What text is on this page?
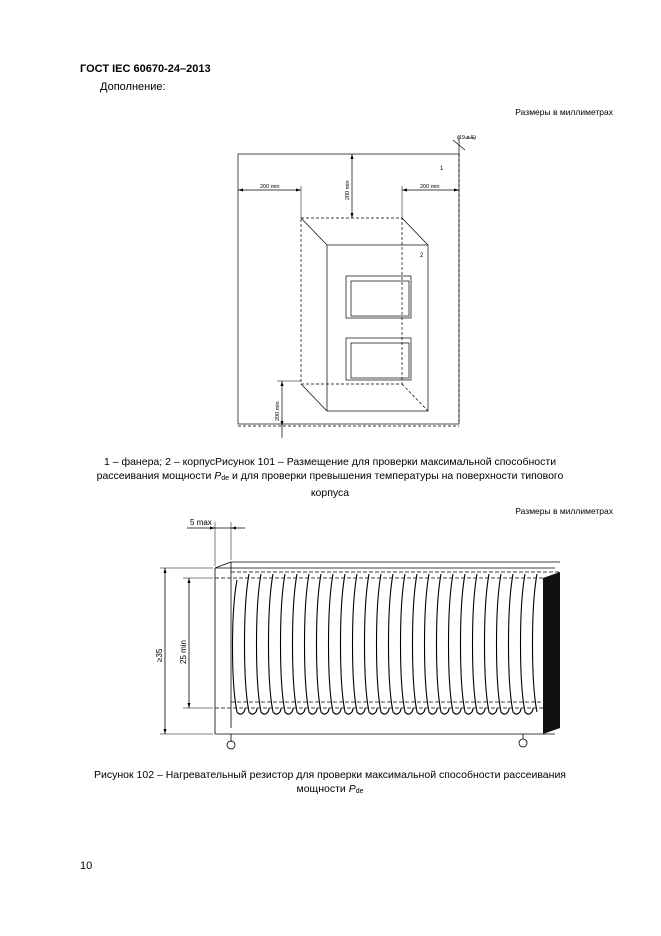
ГОСТ IEC 60670-24–2013
Дополнение:
Размеры в миллиметрах
(19 ± 5)
1
2
200 min	200 min
200 min
200 min
1 – фанера; 2 – корпусРисунок 101 – Размещение для проверки максимальной способности рассеивания мощности $P_{de}$ и для проверки превышения температуры на поверхности типового корпуса
Размеры в миллиметрах
5 max
≥35 25 min
Рисунок 102 – Нагревательный резистор для проверки максимальной способности рассеивания мощности $P_{de}$
10
